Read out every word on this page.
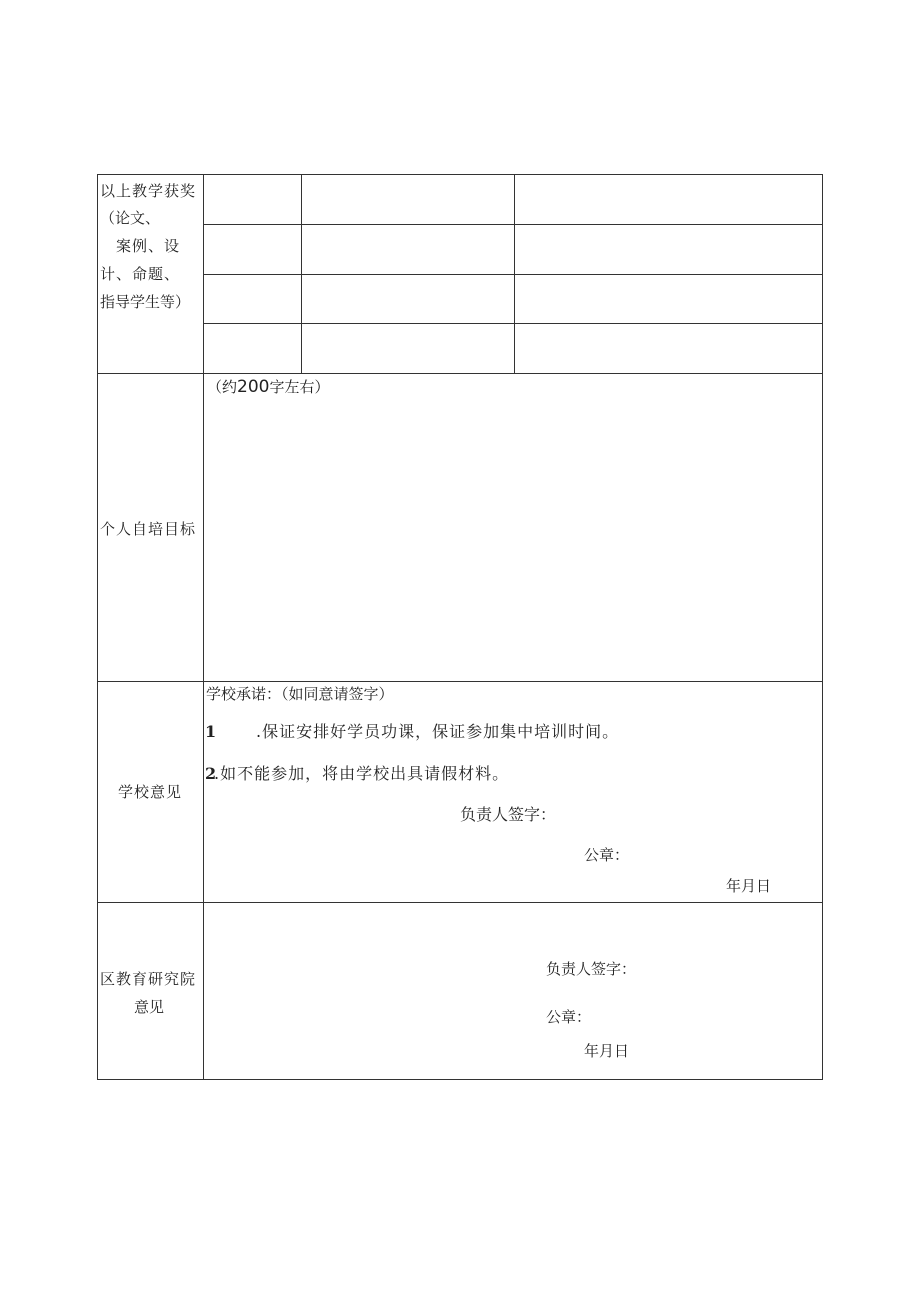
以上教学获奖
（论文、
案例、设
计、命题、
指导学生等）
个人自培目标
（约200字左右）
学校意见
学校承诺：（如同意请签字）
1 .保证安排好学员功课，保证参加集中培训时间。
2
.如不能参加，将由学校出具请假材料。
负责人签字：
公章：
年月日
区教育研究院
意见
负责人签字：
公章：
年月日
